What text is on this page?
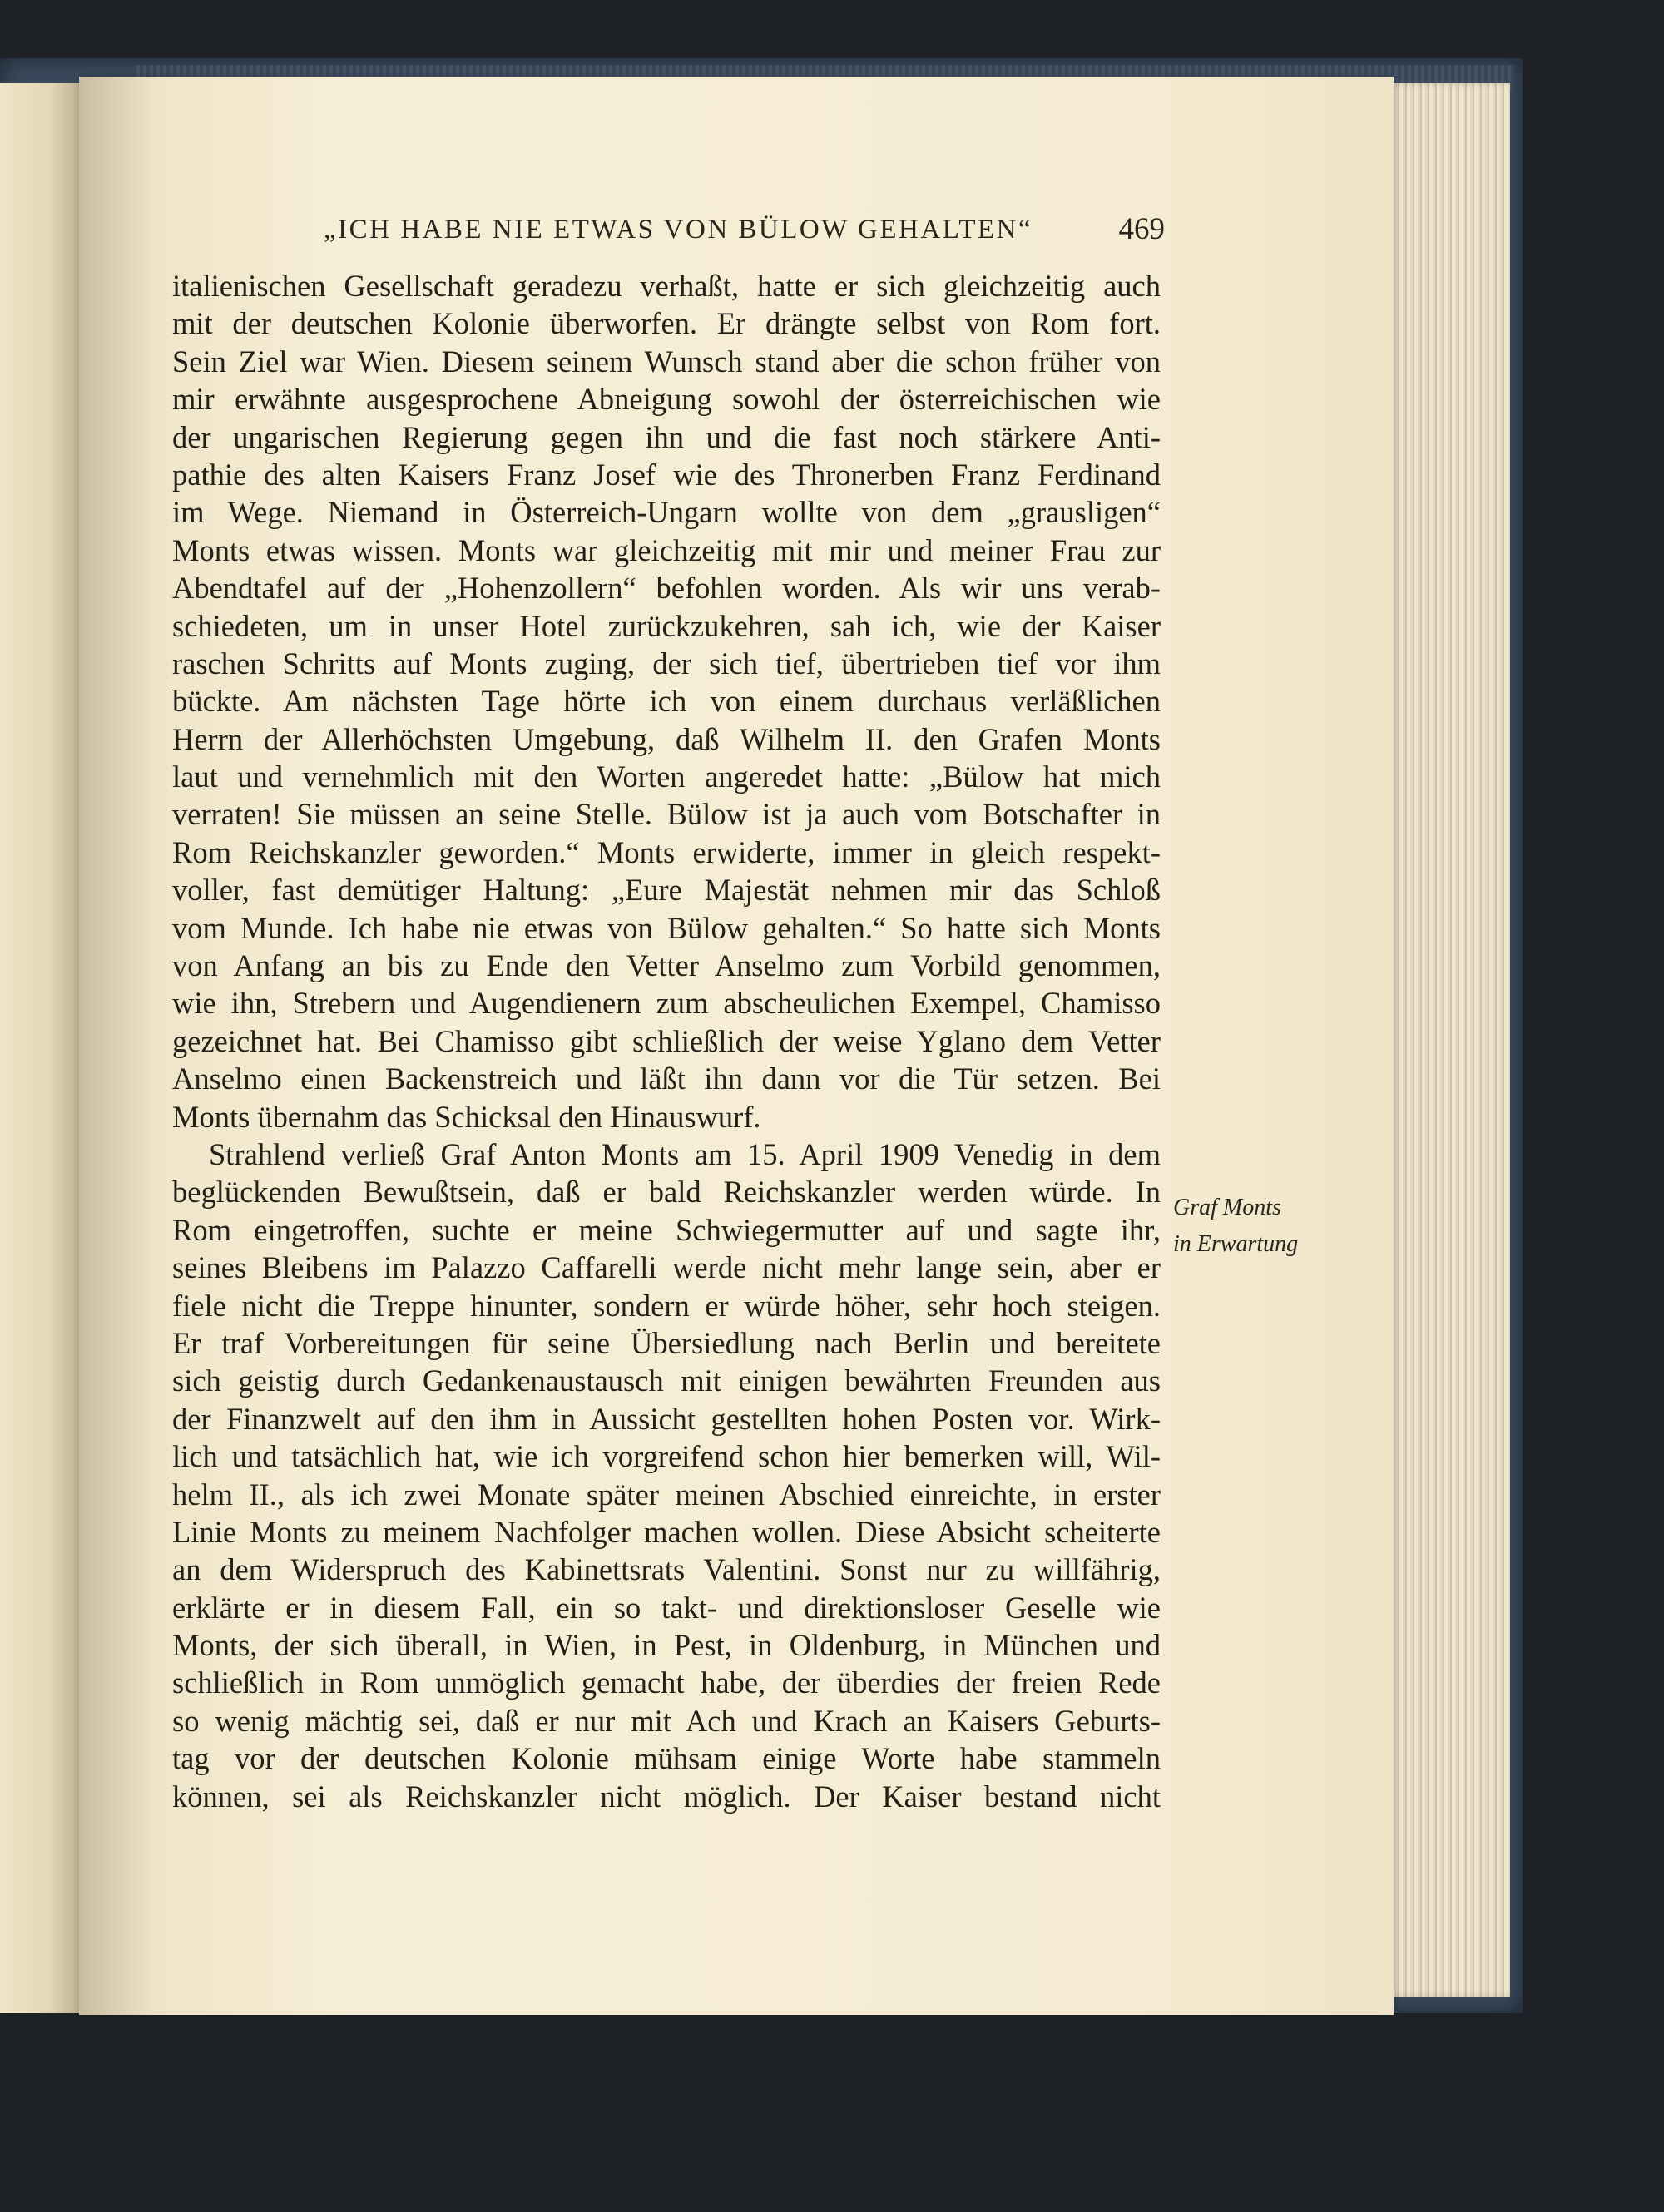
„ICH HABE NIE ETWAS VON BÜLOW GEHALTEN“	469
italienischen Gesellschaft geradezu verhaßt, hatte er sich gleichzeitig auch
mit der deutschen Kolonie überworfen. Er drängte selbst von Rom fort.
Sein Ziel war Wien. Diesem seinem Wunsch stand aber die schon früher von
mir erwähnte ausgesprochene Abneigung sowohl der österreichischen wie
der ungarischen Regierung gegen ihn und die fast noch stärkere Anti-
pathie des alten Kaisers Franz Josef wie des Thronerben Franz Ferdinand
im Wege. Niemand in Österreich-Ungarn wollte von dem „grausligen“
Monts etwas wissen. Monts war gleichzeitig mit mir und meiner Frau zur
Abendtafel auf der „Hohenzollern“ befohlen worden. Als wir uns verab-
schiedeten, um in unser Hotel zurückzukehren, sah ich, wie der Kaiser
raschen Schritts auf Monts zuging, der sich tief, übertrieben tief vor ihm
bückte. Am nächsten Tage hörte ich von einem durchaus verläßlichen
Herrn der Allerhöchsten Umgebung, daß Wilhelm II. den Grafen Monts
laut und vernehmlich mit den Worten angeredet hatte: „Bülow hat mich
verraten! Sie müssen an seine Stelle. Bülow ist ja auch vom Botschafter in
Rom Reichskanzler geworden.“ Monts erwiderte, immer in gleich respekt-
voller, fast demütiger Haltung: „Eure Majestät nehmen mir das Schloß
vom Munde. Ich habe nie etwas von Bülow gehalten.“ So hatte sich Monts
von Anfang an bis zu Ende den Vetter Anselmo zum Vorbild genommen,
wie ihn, Strebern und Augendienern zum abscheulichen Exempel, Chamisso
gezeichnet hat. Bei Chamisso gibt schließlich der weise Yglano dem Vetter
Anselmo einen Backenstreich und läßt ihn dann vor die Tür setzen. Bei
Monts übernahm das Schicksal den Hinauswurf.
Strahlend verließ Graf Anton Monts am 15. April 1909 Venedig in dem
beglückenden Bewußtsein, daß er bald Reichskanzler werden würde. In
Rom eingetroffen, suchte er meine Schwiegermutter auf und sagte ihr,
seines Bleibens im Palazzo Caffarelli werde nicht mehr lange sein, aber er
fiele nicht die Treppe hinunter, sondern er würde höher, sehr hoch steigen.
Er traf Vorbereitungen für seine Übersiedlung nach Berlin und bereitete
sich geistig durch Gedankenaustausch mit einigen bewährten Freunden aus
der Finanzwelt auf den ihm in Aussicht gestellten hohen Posten vor. Wirk-
lich und tatsächlich hat, wie ich vorgreifend schon hier bemerken will, Wil-
helm II., als ich zwei Monate später meinen Abschied einreichte, in erster
Linie Monts zu meinem Nachfolger machen wollen. Diese Absicht scheiterte
an dem Widerspruch des Kabinettsrats Valentini. Sonst nur zu willfährig,
erklärte er in diesem Fall, ein so takt- und direktionsloser Geselle wie
Monts, der sich überall, in Wien, in Pest, in Oldenburg, in München und
schließlich in Rom unmöglich gemacht habe, der überdies der freien Rede
so wenig mächtig sei, daß er nur mit Ach und Krach an Kaisers Geburts-
tag vor der deutschen Kolonie mühsam einige Worte habe stammeln
können, sei als Reichskanzler nicht möglich. Der Kaiser bestand nicht
Graf Monts
in Erwartung
